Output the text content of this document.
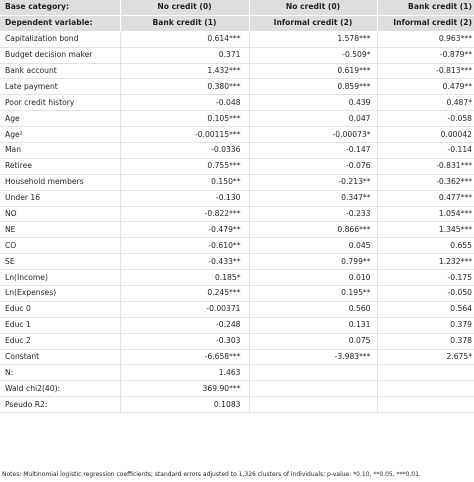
Base category:	No credit (0)	No credit (0)	Bank credit (1)
Dependent variable:	Bank credit (1)	Informal credit (2)	Informal credit (2)
Capitalization bond	0.614***	1.578***	0.963***
Budget decision maker	0.371	-0.509*	-0.879**
Bank account	1.432***	0.619***	-0.813***
Late payment	0.380***	0.859***	0.479**
Poor credit history	-0.048	0.439	0.487*
Age	0.105***	0.047	-0.058
Age²	-0.00115***	-0.00073*	0.00042
Man	-0.0336	-0.147	-0.114
Retiree	0.755***	-0.076	-0.831***
Household members	0.150**	-0.213**	-0.362***
Under 16	-0.130	0.347**	0.477***
NO	-0.822***	-0.233	1.054***
NE	-0.479**	0.866***	1.345***
CO	-0.610**	0.045	0.655
SE	-0.433**	0.799**	1.232***
Ln(Income)	0.185*	0.010	-0.175
Ln(Expenses)	0.245***	0.195**	-0.050
Educ 0	-0.00371	0.560	0.564
Educ 1	-0.248	0.131	0.379
Educ 2	-0.303	0.075	0.378
Constant	-6.658***	-3.983***	2.675*
N:	1.463		
Wald chi2(40):	369.90***		
Pseudo R2:	0.1083		
Notes: Multinomial logistic regression coefficients; standard errors adjusted to 1,326 clusters of individuals; p-value: *0.10, **0.05, ***0.01.
